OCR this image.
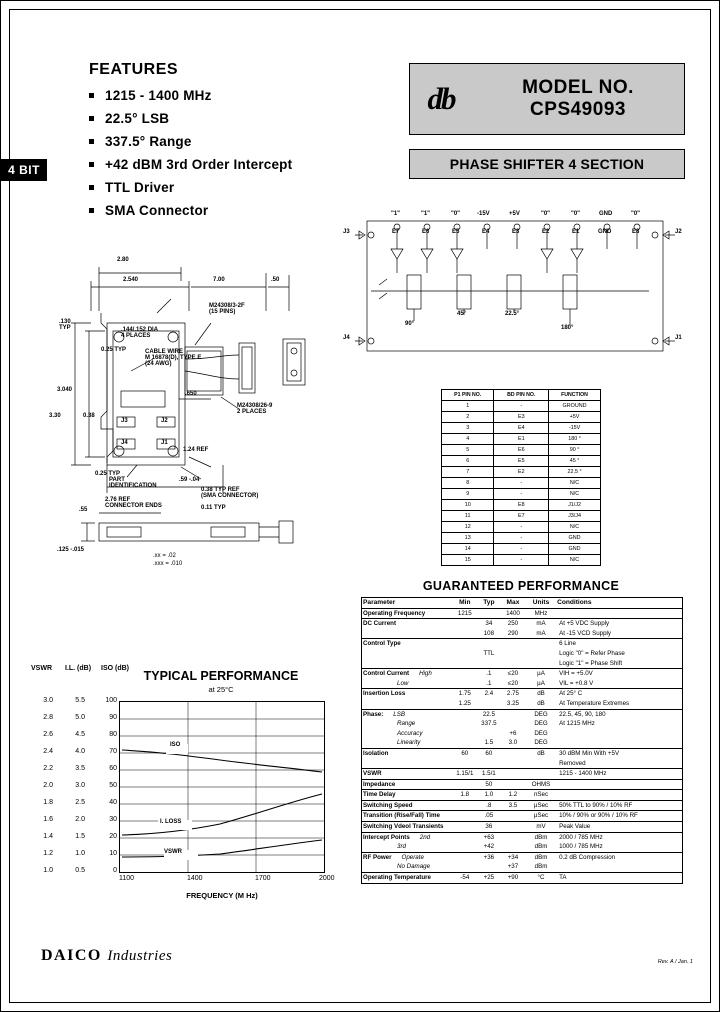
FEATURES
1215 - 1400 MHz
22.5° LSB
337.5° Range
+42 dBM 3rd Order Intercept
TTL Driver
SMA Connector
4 BIT
db	MODEL NO.
CPS49093
PHASE SHIFTER 4 SECTION
2.80
2.540	7.00	.50
.130
TYP
0.25 TYP
.144/.152 DIA
4 PLACES
3.040
3.30	0.38
.650
1.24 REF
0.25 TYP
.59 -.04
0.38 TYP REF
(SMA CONNECTOR)
0.11 TYP
2.76 REF
CONNECTOR ENDS
.55
.125 -.015
M24308/3-2F
(15 PINS)
CABLE WIRE
M 16878(D), TYPE E
(24 AWG)
M24308/26-9
2 PLACES
PART
IDENTIFICATION
J3	J2
J4	J1
.xx = .02
.xxx = .010
"1"	"1"	"0"	-15V	+5V	"0"	"0"	GND	"0"
E7	E6	E5	E4	E3	E2	E1	GND	E8
J3
J4
J2
J1
90°
45°	22.5°
180°
P1 PIN NO.	BD PIN NO.	FUNCTION
1	-	GROUND
2	E3	+5V
3	E4	-15V
4	E1	180 °
5	E6	90 °
6	E5	45 °
7	E2	22.5 °
8	-	N/C
9	-	N/C
10	E8	J1/J2
11	E7	J3/J4
12	-	N/C
13	-	GND
14	-	GND
15	-	N/C
GUARANTEED PERFORMANCE
Parameter	Min	Typ	Max	Units	Conditions
Operating Frequency	1215		1400	MHz	
DC Current		34	250	mA	At +5 VDC Supply
		108	290	mA	At -15 VCD Supply
Control Type					6 Line
		TTL			Logic "0" = Refer Phase
					Logic "1" = Phase Shift
Control Current High		.1	≤20	µA	VIH = +5.0V
Low		.1	≤20	µA	VIL = +0.8 V
Insertion Loss	1.75	2.4	2.75	dB	At 25° C
	1.25		3.25	dB	At Temperature Extremes
Phase: LSB		22.5		DEG	22.5, 45, 90, 180
Range		337.5		DEG	At 1215 MHz
Accuracy			+6	DEG	
Linearity		1.5	3.0	DEG	
Isolation	60	60		dB	30 dBM Min With +5V
					Removed
VSWR	1.15/1	1.5/1			1215 - 1400 MHz
Impedance		50		OHMS	
Time Delay	1.8	1.0	1.2	nSec	
Switching Speed		.8	3.5	µSec	50% TTL to 90% / 10% RF
Transition (Rise/Fall) Time		.05		µSec	10% / 90% or 90% / 10% RF
Switching Vdeol Transients		36		mV	Peak Value
Intercept Points 2nd		+63		dBm	2000 / 785 MHz
3rd		+42		dBm	1000 / 785 MHz
RF Power Operate		+36	+34	dBm	0.2 dB Compression
No Damage			+37	dBm	
Operating Temperature	-54	+25	+90	°C	TA
TYPICAL PERFORMANCE
at 25°C
VSWR I.L. (dB) ISO (dB)
3.0
2.8
2.6
2.4
2.2
2.0
1.8
1.6
1.4
1.2
1.0
5.5
5.0
4.5
4.0
3.5
3.0
2.5
2.0
1.5
1.0
0.5
100
90
80
70
60
50
40
30
20
10
0
ISO
I. LOSS
VSWR
1100	1400	1700	2000
FREQUENCY (M Hz)
DAICO Industries	Rev. A / Jan. 1
